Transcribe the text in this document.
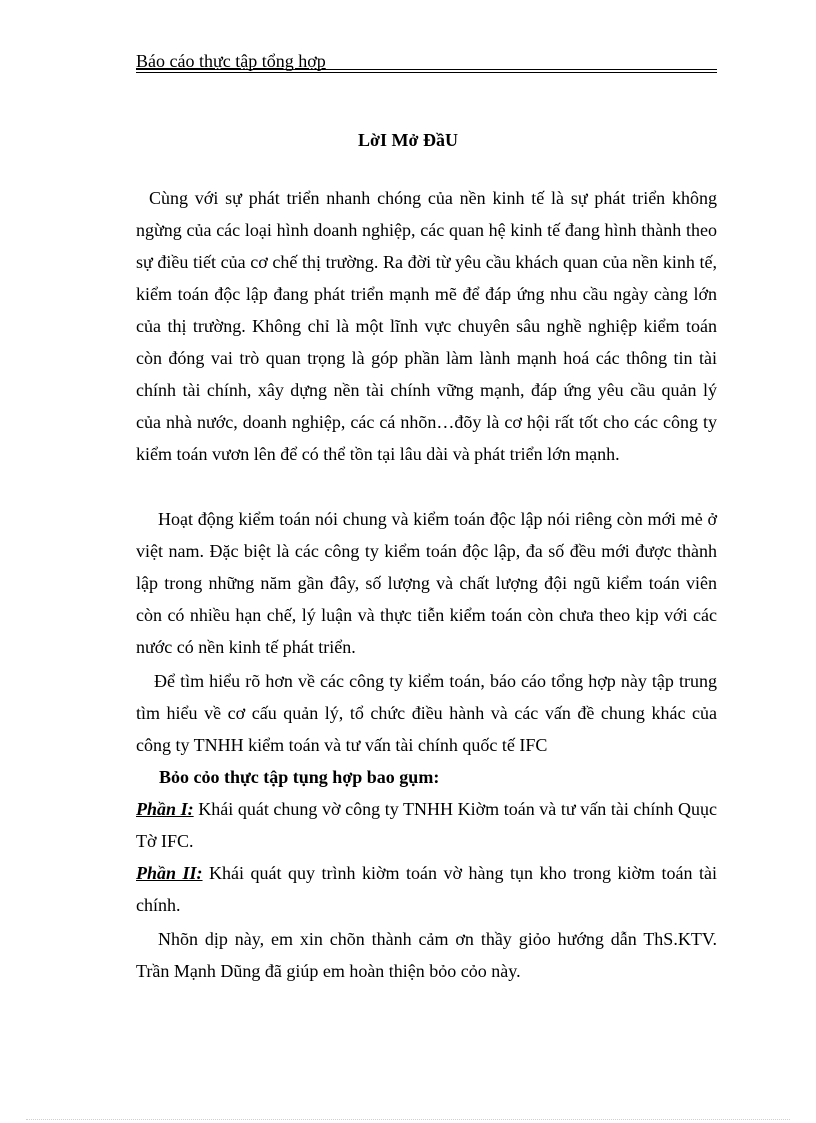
Báo cáo thực tập tổng hợp
LờI Mở ĐầU

Cùng với sự phát triển nhanh chóng của nền kinh tế là sự phát triển không ngừng của các loại hình doanh nghiệp, các quan hệ kinh tế đang hình thành theo sự điều tiết của cơ chế thị trường. Ra đời từ yêu cầu khách quan của nền kinh tế, kiểm toán độc lập đang phát triển mạnh mẽ để đáp ứng nhu cầu ngày càng lớn của thị trường. Không chỉ là một lĩnh vực chuyên sâu nghề nghiệp kiểm toán còn đóng vai trò quan trọng là góp phần làm lành mạnh hoá các thông tin tài chính tài chính, xây dựng nền tài chính vững mạnh, đáp ứng yêu cầu quản lý của nhà nước, doanh nghiệp, các cá nhõn…đõy là cơ hội rất tốt cho các công ty kiểm toán vươn lên để có thể tồn tại lâu dài và phát triển lớn mạnh.

Hoạt động kiểm toán nói chung và kiểm toán độc lập nói riêng còn mới mẻ ở việt nam. Đặc biệt là các công ty kiểm toán độc lập, đa số đều mới được thành lập trong những năm gần đây, số lượng và chất lượng đội ngũ kiểm toán viên còn có nhiều hạn chế, lý luận và thực tiễn kiểm toán còn chưa theo kịp với các nước có nền kinh tế phát triển.

Để tìm hiểu rõ hơn về các công ty kiểm toán, báo cáo tổng hợp này tập trung tìm hiểu về cơ cấu quản lý, tổ chức điều hành và các vấn đề chung khác của công ty TNHH kiểm toán và tư vấn tài chính quốc tế IFC

Bỏo cỏo thực tập tụng hợp bao gụm:

Phần I: Khái quát chung vờ công ty TNHH Kiờm toán và tư vấn tài chính Quục Tờ IFC.

Phần II: Khái quát quy trình kiờm toán vờ hàng tụn kho trong kiờm toán tài chính.

Nhõn dịp này, em xin chõn thành cảm ơn thầy giỏo hướng dẫn ThS.KTV. Trần Mạnh Dũng đã giúp em hoàn thiện bỏo cỏo này.
